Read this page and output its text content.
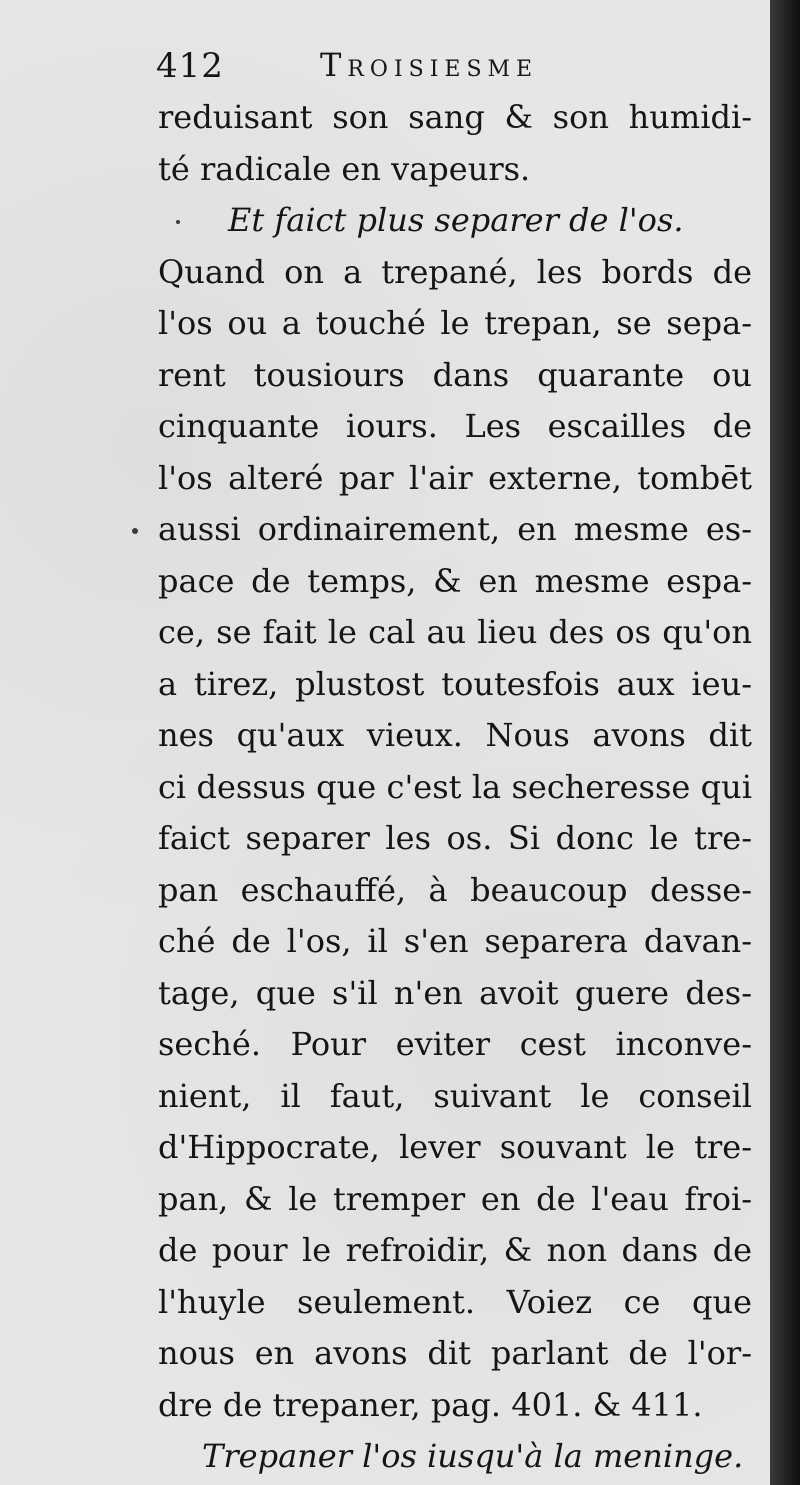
412	Troisiesme
reduisant son sang & son humidi-
té radicale en vapeurs.
Et faict plus separer de l'os.
Quand on a trepané, les bords de
l'os ou a touché le trepan, se sepa-
rent tousiours dans quarante ou
cinquante iours. Les escailles de
l'os alteré par l'air externe, tombēt
aussi ordinairement, en mesme es-
pace de temps, & en mesme espa-
ce, se fait le cal au lieu des os qu'on
a tirez, plustost toutesfois aux ieu-
nes qu'aux vieux. Nous avons dit
ci dessus que c'est la secheresse qui
faict separer les os. Si donc le tre-
pan eschauffé, à beaucoup desse-
ché de l'os, il s'en separera davan-
tage, que s'il n'en avoit guere des-
seché. Pour eviter cest inconve-
nient, il faut, suivant le conseil
d'Hippocrate, lever souvant le tre-
pan, & le tremper en de l'eau froi-
de pour le refroidir, & non dans de
l'huyle seulement. Voiez ce que
nous en avons dit parlant de l'or-
dre de trepaner, pag. 401. & 411.
Trepaner l'os iusqu'à la meninge.
